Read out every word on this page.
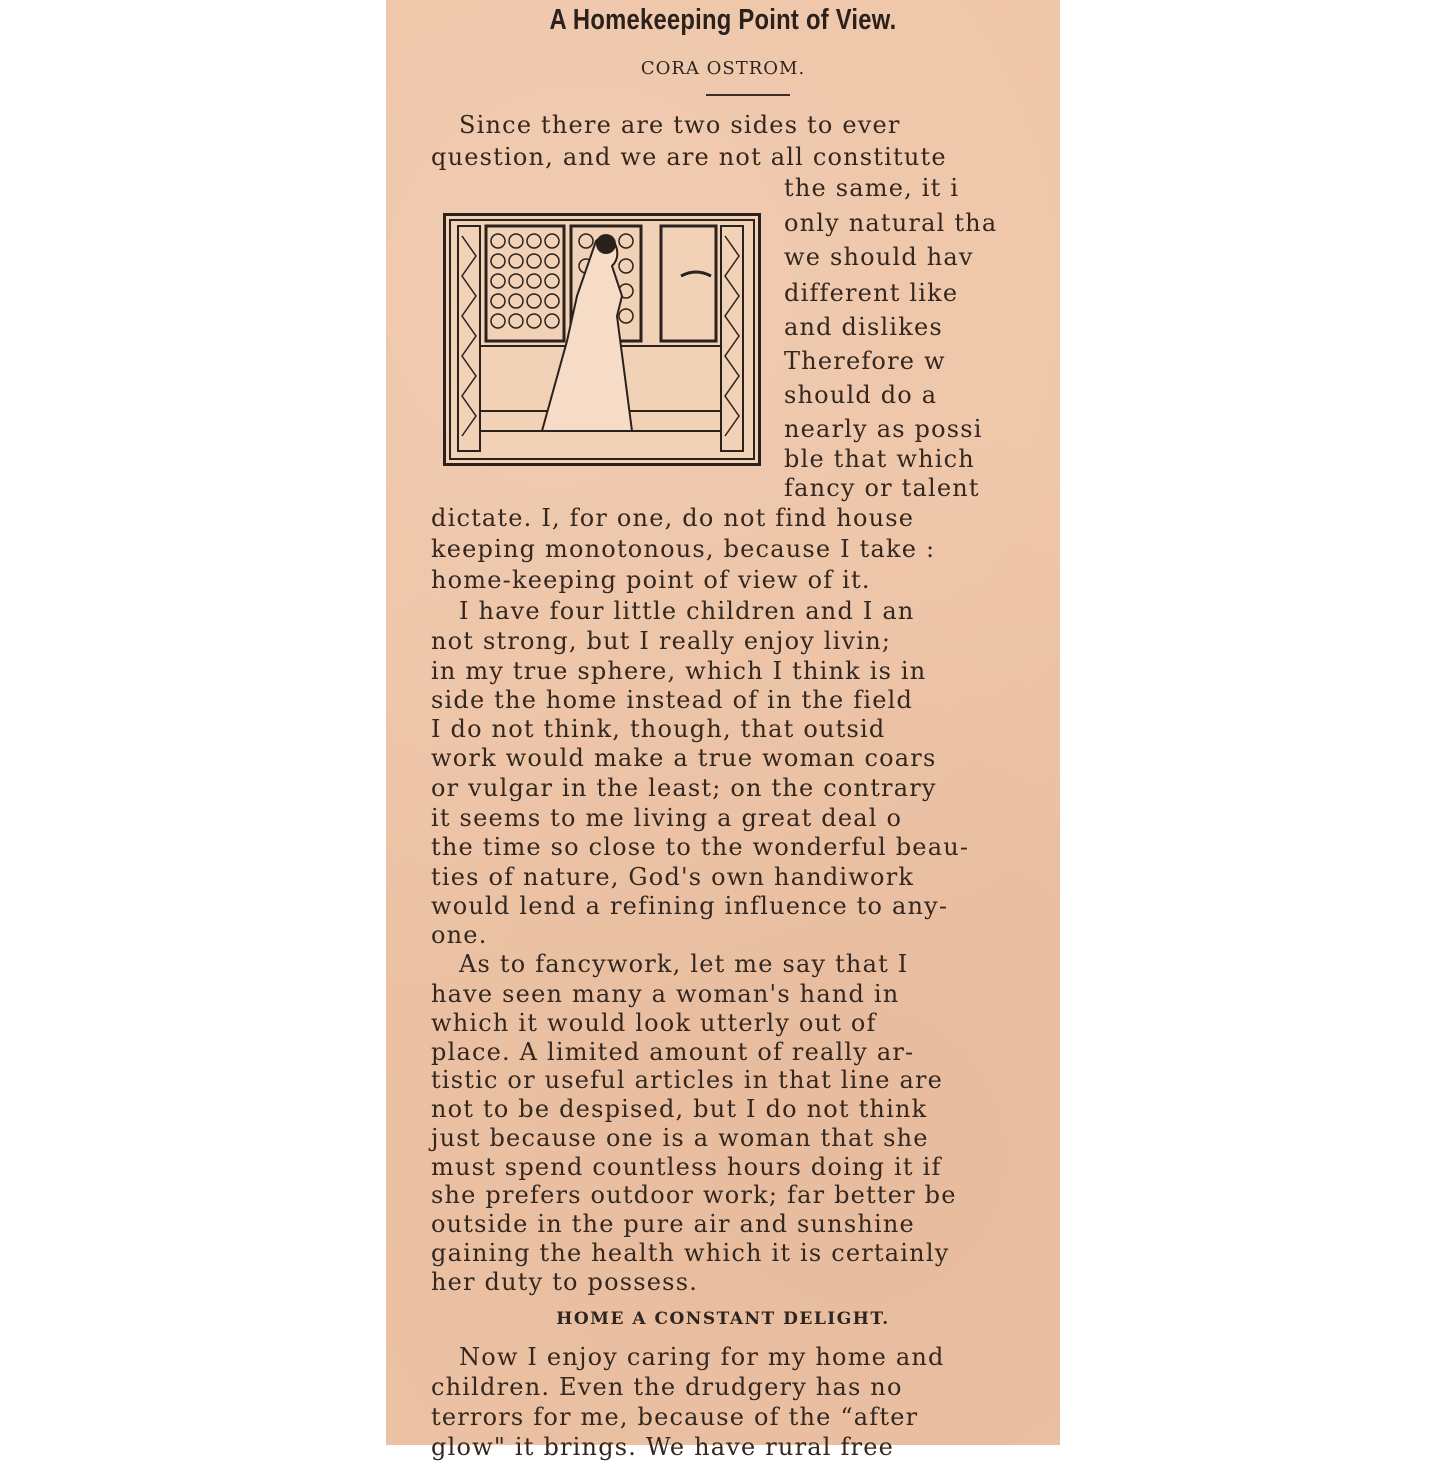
A Homekeeping Point of View.
CORA OSTROM.
Since there are two sides to ever
question, and we are not all constitute
the same, it i
only natural tha
we should hav
different like
and dislikes
Therefore w
should do a
nearly as possi
ble that which
fancy or talent
dictate. I, for one, do not find house
keeping monotonous, because I take :
home-keeping point of view of it.
I have four little children and I an
not strong, but I really enjoy livin;
in my true sphere, which I think is in
side the home instead of in the field
I do not think, though, that outsid
work would make a true woman coars
or vulgar in the least; on the contrary
it seems to me living a great deal o
the time so close to the wonderful beau-
ties of nature, God's own handiwork
would lend a refining influence to any-
one.
As to fancywork, let me say that I
have seen many a woman's hand in
which it would look utterly out of
place. A limited amount of really ar-
tistic or useful articles in that line are
not to be despised, but I do not think
just because one is a woman that she
must spend countless hours doing it if
she prefers outdoor work; far better be
outside in the pure air and sunshine
gaining the health which it is certainly
her duty to possess.
Now I enjoy caring for my home and
children. Even the drudgery has no
terrors for me, because of the “after
glow" it brings. We have rural free
HOME A CONSTANT DELIGHT.
